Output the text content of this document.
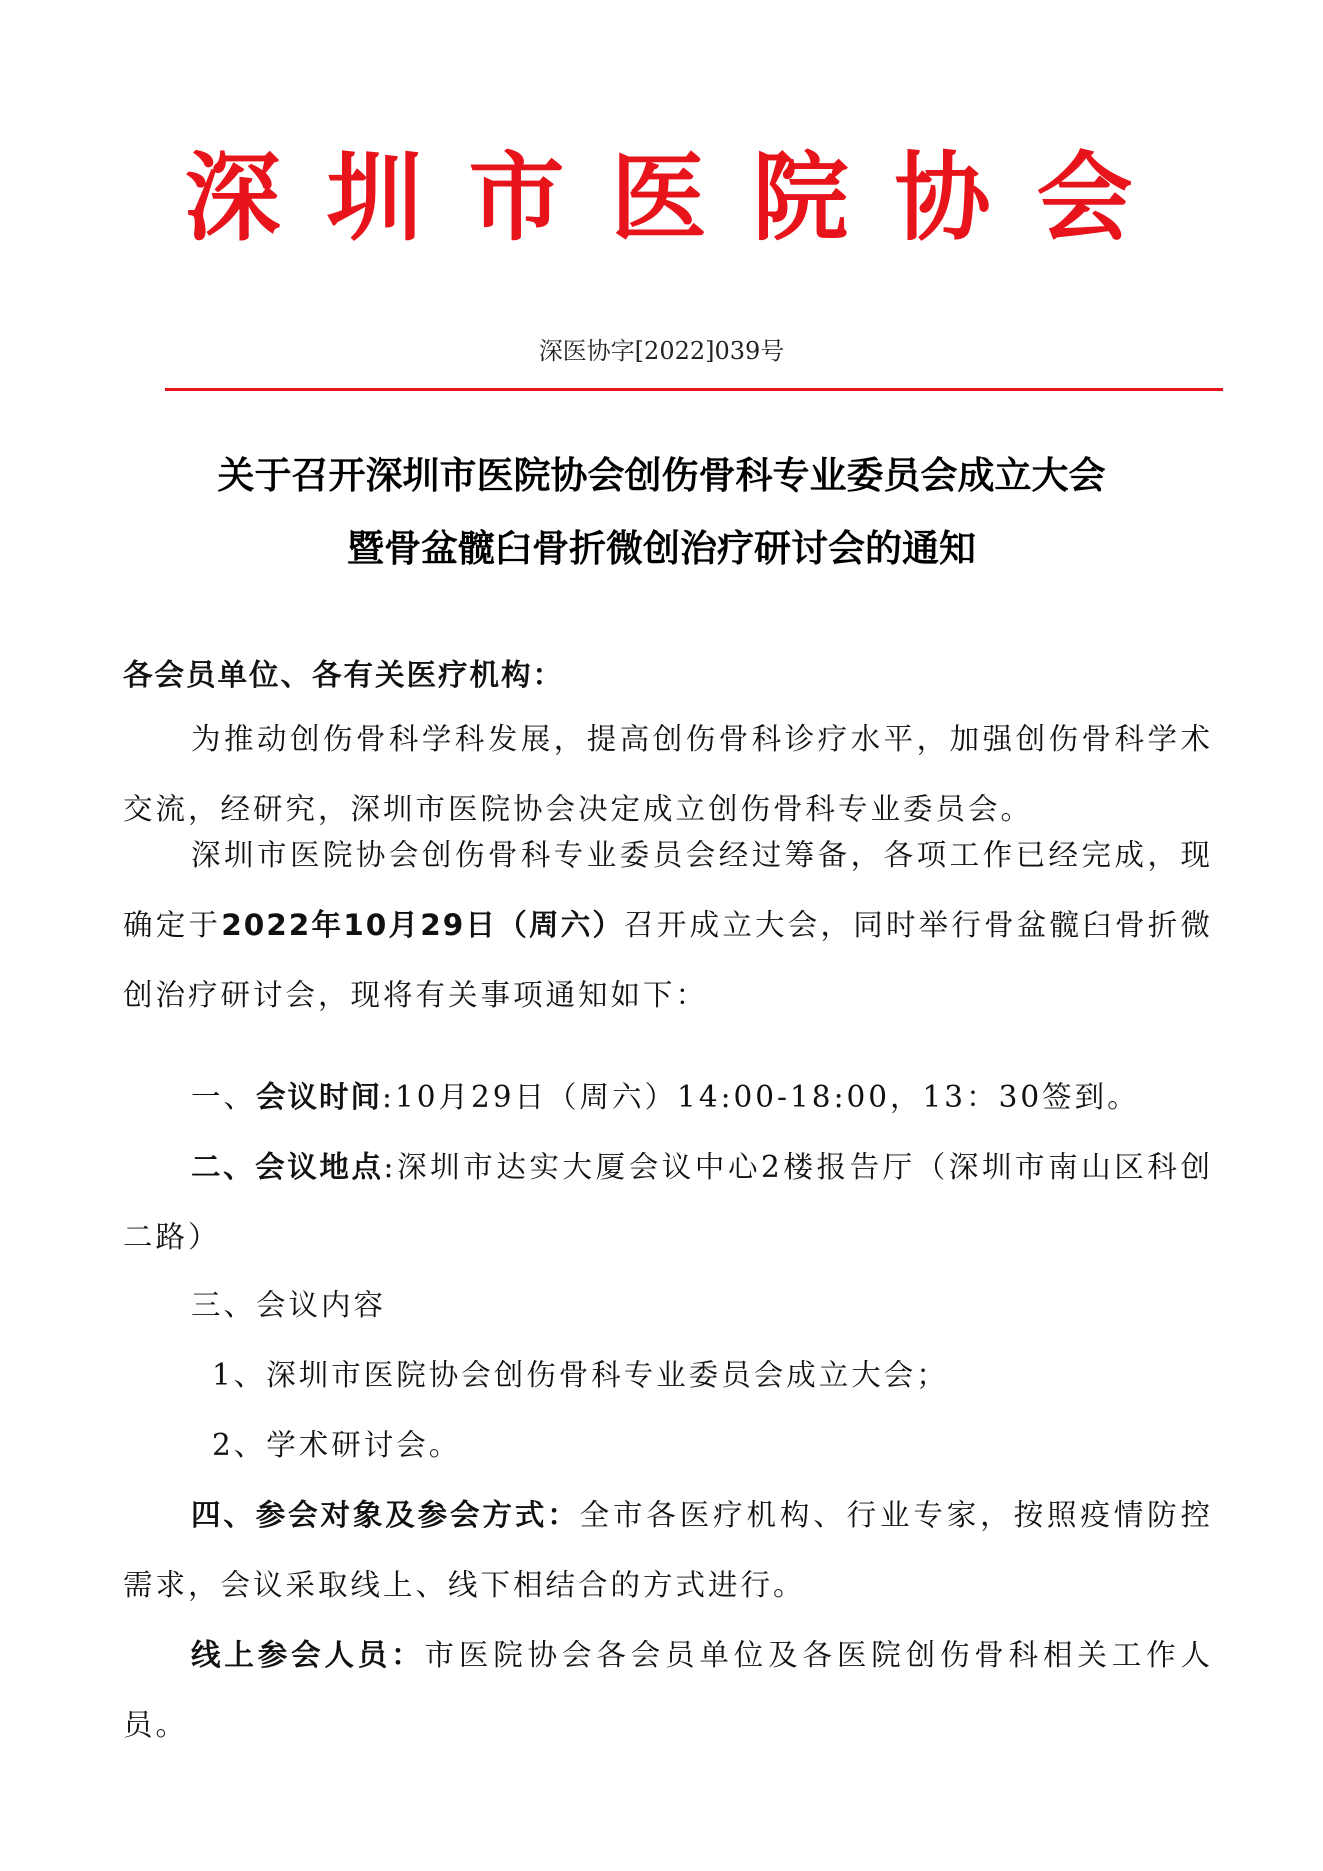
深圳市医院协会
深医协字[2022]039号
关于召开深圳市医院协会创伤骨科专业委员会成立大会
暨骨盆髋臼骨折微创治疗研讨会的通知
各会员单位、各有关医疗机构：
为推动创伤骨科学科发展，提高创伤骨科诊疗水平，加强创伤骨科学术交流，经研究，深圳市医院协会决定成立创伤骨科专业委员会。
深圳市医院协会创伤骨科专业委员会经过筹备，各项工作已经完成，现确定于2022年10月29日（周六）召开成立大会，同时举行骨盆髋臼骨折微创治疗研讨会，现将有关事项通知如下：
一、会议时间:10月29日（周六）14:00-18:00，13：30签到。
二、会议地点:深圳市达实大厦会议中心2楼报告厅（深圳市南山区科创二路）
三、会议内容
1、深圳市医院协会创伤骨科专业委员会成立大会；
2、学术研讨会。
四、参会对象及参会方式：全市各医疗机构、行业专家，按照疫情防控需求，会议采取线上、线下相结合的方式进行。
线上参会人员：市医院协会各会员单位及各医院创伤骨科相关工作人员。
